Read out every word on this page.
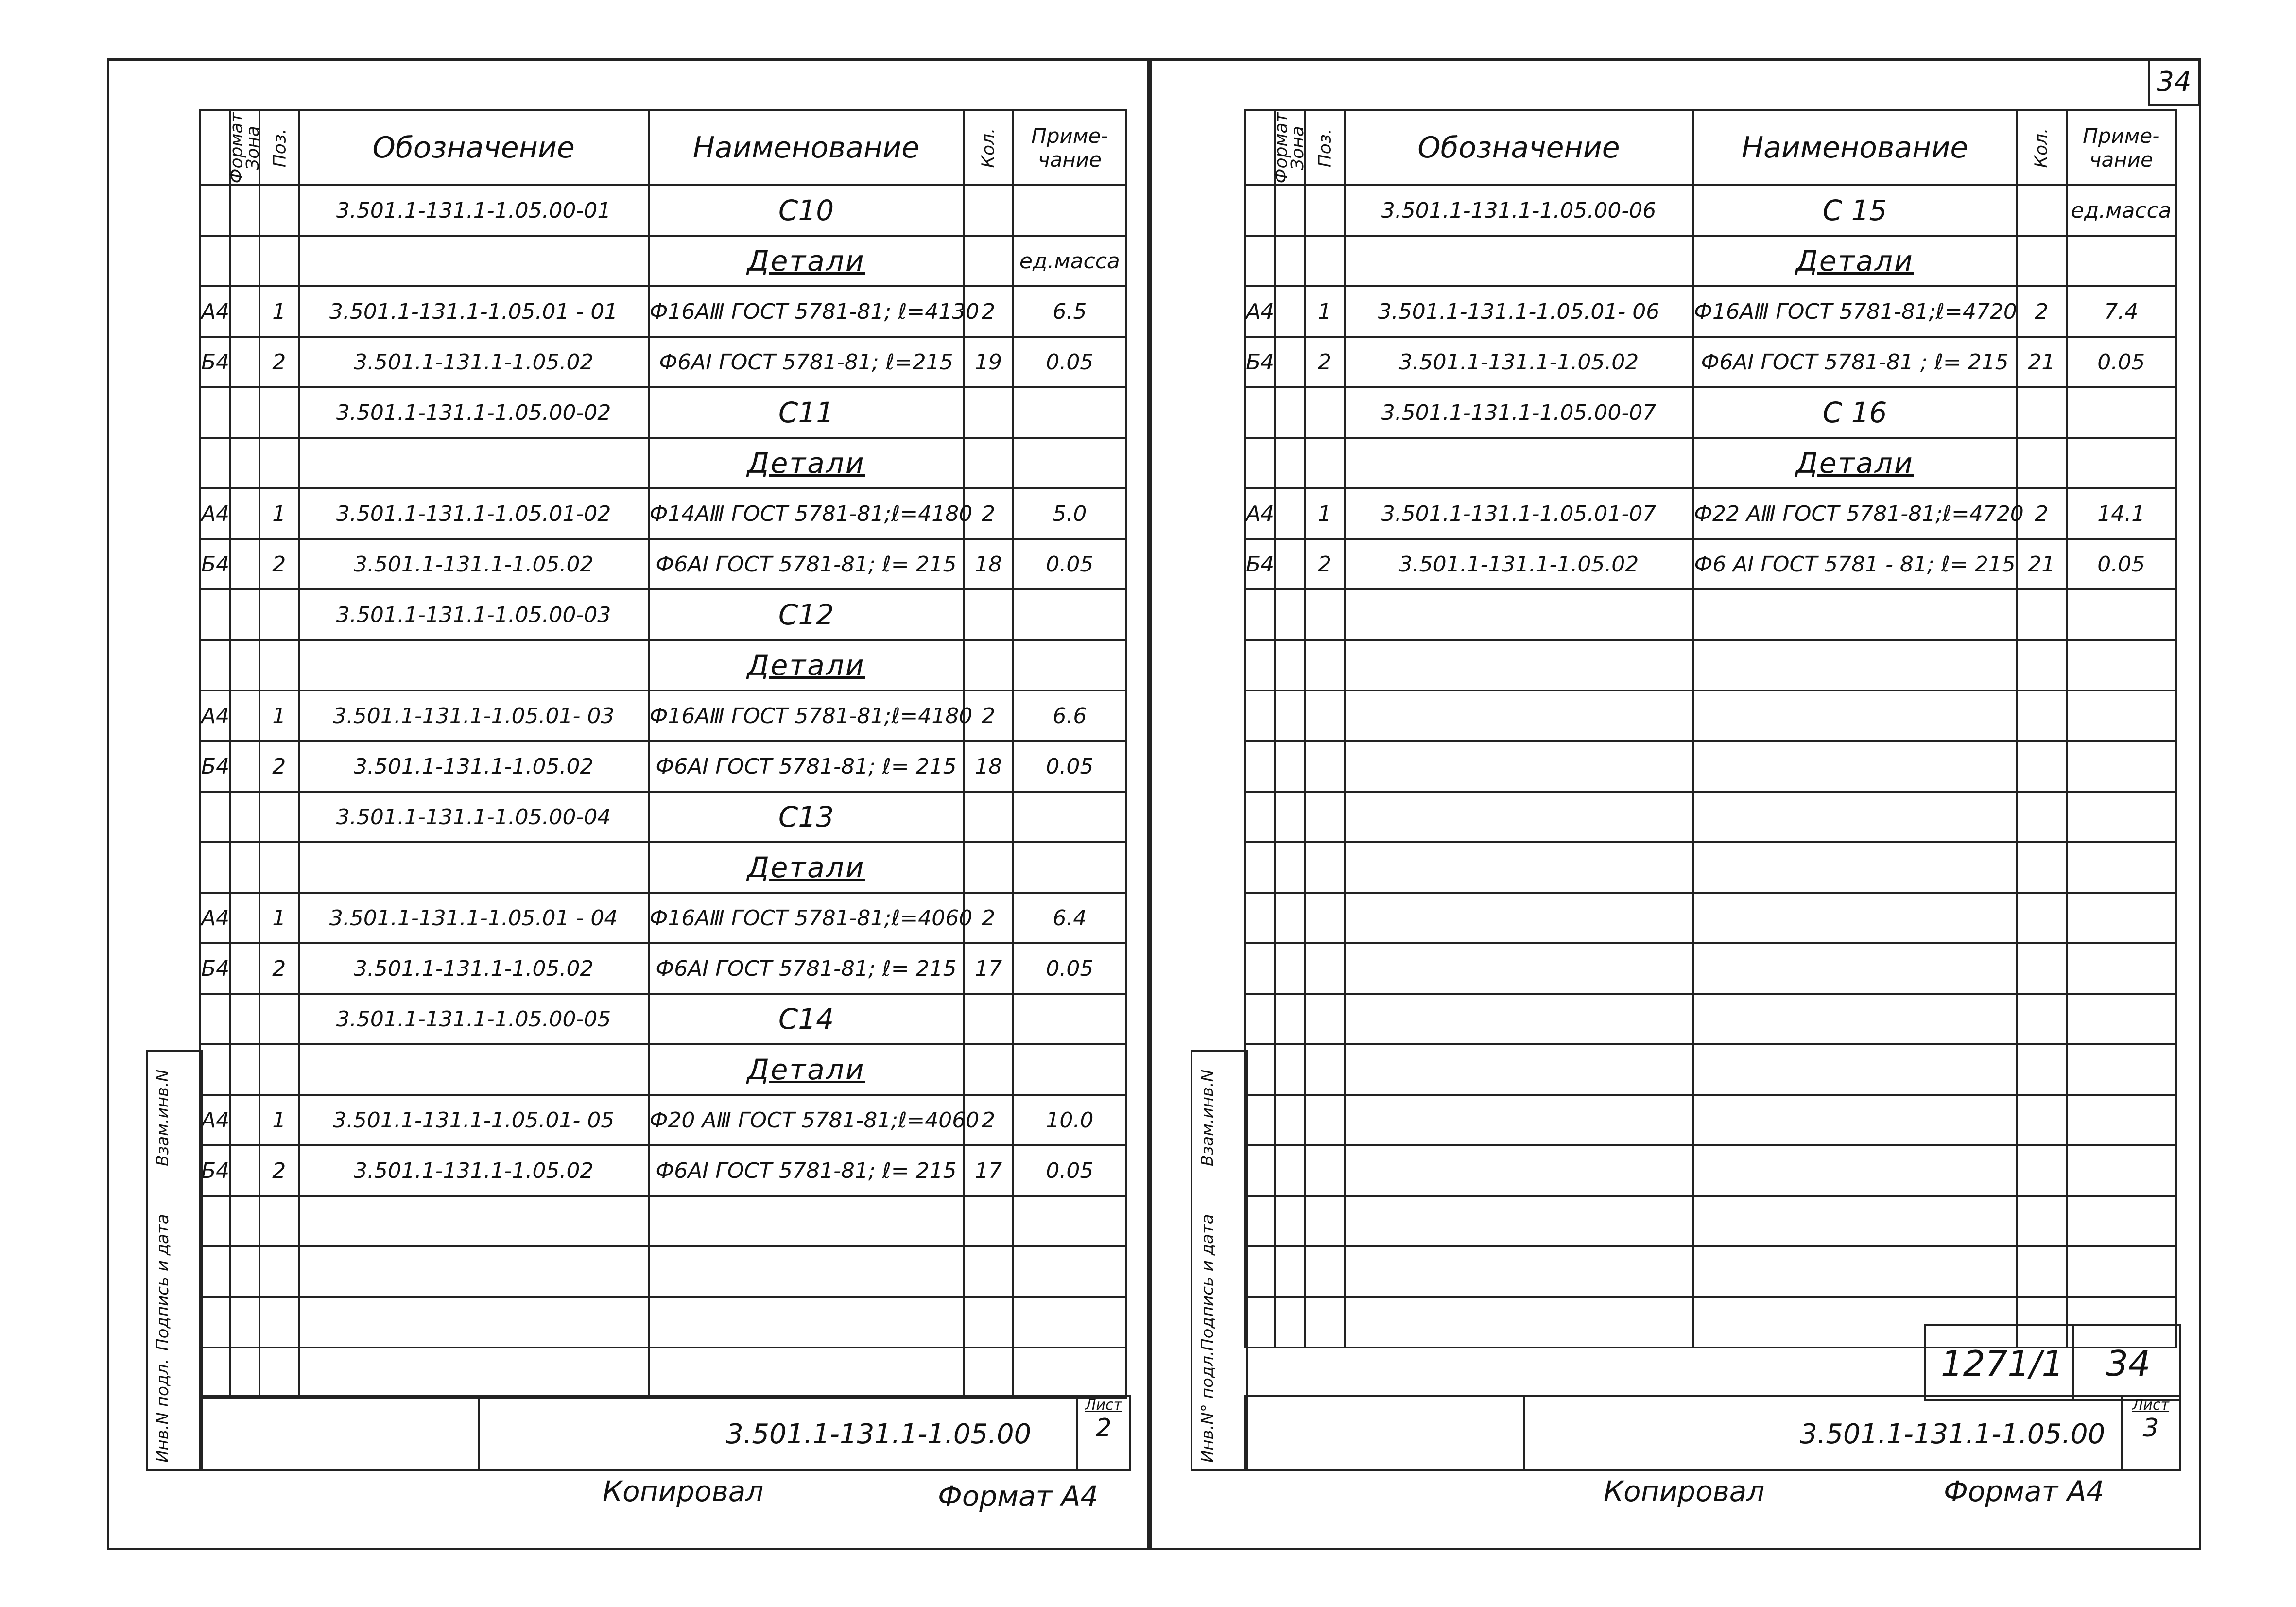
34
Формат	Зона	Поз.	Обозначение	Наименование	Кол.	Приме-чание
			3.501.1-131.1-1.05.00-01	С10		
				Детали		ед.масса
А4		1	3.501.1-131.1-1.05.01 - 01	Ф16АⅢ ГОСТ 5781-81; ℓ=4130	2	6.5
Б4		2	3.501.1-131.1-1.05.02	Ф6АⅠ ГОСТ 5781-81; ℓ=215	19	0.05
			3.501.1-131.1-1.05.00-02	С11		
				Детали		
А4		1	3.501.1-131.1-1.05.01-02	Ф14АⅢ ГОСТ 5781-81;ℓ=4180	2	5.0
Б4		2	3.501.1-131.1-1.05.02	Ф6АⅠ ГОСТ 5781-81; ℓ= 215	18	0.05
			3.501.1-131.1-1.05.00-03	С12		
				Детали		
А4		1	3.501.1-131.1-1.05.01- 03	Ф16АⅢ ГОСТ 5781-81;ℓ=4180	2	6.6
Б4		2	3.501.1-131.1-1.05.02	Ф6АⅠ ГОСТ 5781-81; ℓ= 215	18	0.05
			3.501.1-131.1-1.05.00-04	С13		
				Детали		
А4		1	3.501.1-131.1-1.05.01 - 04	Ф16АⅢ ГОСТ 5781-81;ℓ=4060	2	6.4
Б4		2	3.501.1-131.1-1.05.02	Ф6АⅠ ГОСТ 5781-81; ℓ= 215	17	0.05
			3.501.1-131.1-1.05.00-05	С14		
				Детали		
А4		1	3.501.1-131.1-1.05.01- 05	Ф20 АⅢ ГОСТ 5781-81;ℓ=4060	2	10.0
Б4		2	3.501.1-131.1-1.05.02	Ф6АⅠ ГОСТ 5781-81; ℓ= 215	17	0.05

Формат	Зона	Поз.	Обозначение	Наименование	Кол.	Приме-чание
			3.501.1-131.1-1.05.00-06	С 15		ед.масса
				Детали		
А4		1	3.501.1-131.1-1.05.01- 06	Ф16АⅢ ГОСТ 5781-81;ℓ=4720	2	7.4
Б4		2	3.501.1-131.1-1.05.02	Ф6АⅠ ГОСТ 5781-81 ; ℓ= 215	21	0.05
			3.501.1-131.1-1.05.00-07	С 16		
				Детали		
А4		1	3.501.1-131.1-1.05.01-07	Ф22 АⅢ ГОСТ 5781-81;ℓ=4720	2	14.1
Б4		2	3.501.1-131.1-1.05.02	Ф6 АⅠ ГОСТ 5781 - 81; ℓ= 215	21	0.05

Взам.инв.N
Подпись и дата
Инв.N подл.
Взам.инв.N
Подпись и дата
Инв.N° подл.
3.501.1-131.1-1.05.00
Лист
2
Копировал	Формат А4
1271/1 34
3.501.1-131.1-1.05.00
Лист
3
Копировал	Формат А4
